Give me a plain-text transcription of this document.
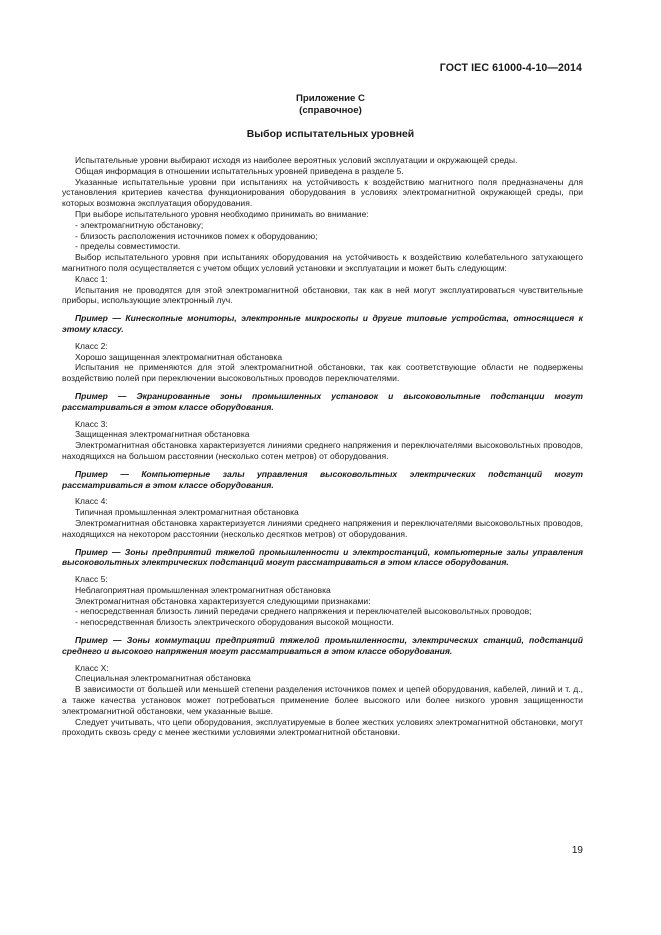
ГОСТ IEC 61000-4-10—2014
Приложение С
(справочное)
Выбор испытательных уровней

Испытательные уровни выбирают исходя из наиболее вероятных условий эксплуатации и окружающей среды.

Общая информация в отношении испытательных уровней приведена в разделе 5.

Указанные испытательные уровни при испытаниях на устойчивость к воздействию магнитного поля предназначены для установления критериев качества функционирования оборудования в условиях электромагнитной окружающей среды, при которых возможна эксплуатация оборудования.

При выборе испытательного уровня необходимо принимать во внимание:

- электромагнитную обстановку;

- близость расположения источников помех к оборудованию;

- пределы совместимости.

Выбор испытательного уровня при испытаниях оборудования на устойчивость к воздействию колебательного затухающего магнитного поля осуществляется с учетом общих условий установки и эксплуатации и может быть следующим:

Класс 1:

Испытания не проводятся для этой электромагнитной обстановки, так как в ней могут эксплуатироваться чувствительные приборы, использующие электронный луч.

Пример — Кинескопные мониторы, электронные микроскопы и другие типовые устройства, относящиеся к этому классу.

Класс 2:

Хорошо защищенная электромагнитная обстановка

Испытания не применяются для этой электромагнитной обстановки, так как соответствующие области не подвержены воздействию полей при переключении высоковольтных проводов переключателями.

Пример — Экранированные зоны промышленных установок и высоковольтные подстанции могут рассматриваться в этом классе оборудования.

Класс 3:

Защищенная электромагнитная обстановка

Электромагнитная обстановка характеризуется линиями среднего напряжения и переключателями высоковольтных проводов, находящихся на большом расстоянии (несколько сотен метров) от оборудования.

Пример — Компьютерные залы управления высоковольтных электрических подстанций могут рассматриваться в этом классе оборудования.

Класс 4:

Типичная промышленная электромагнитная обстановка

Электромагнитная обстановка характеризуется линиями среднего напряжения и переключателями высоковольтных проводов, находящихся на некотором расстоянии (несколько десятков метров) от оборудования.

Пример — Зоны предприятий тяжелой промышленности и электростанций, компьютерные залы управления высоковольтных электрических подстанций могут рассматриваться в этом классе оборудования.

Класс 5:

Неблагоприятная промышленная электромагнитная обстановка

Электромагнитная обстановка характеризуется следующими признаками:

- непосредственная близость линий передачи среднего напряжения и переключателей высоковольтных проводов;

- непосредственная близость электрического оборудования высокой мощности.

Пример — Зоны коммутации предприятий тяжелой промышленности, электрических станций, подстанций среднего и высокого напряжения могут рассматриваться в этом классе оборудования.

Класс X:

Специальная электромагнитная обстановка

В зависимости от большей или меньшей степени разделения источников помех и цепей оборудования, кабелей, линий и т. д., а также качества установок может потребоваться применение более высокого или более низкого уровня защищенности электромагнитной обстановки, чем указанные выше.

Следует учитывать, что цепи оборудования, эксплуатируемые в более жестких условиях электромагнитной обстановки, могут проходить сквозь среду с менее жесткими условиями электромагнитной обстановки.

19
